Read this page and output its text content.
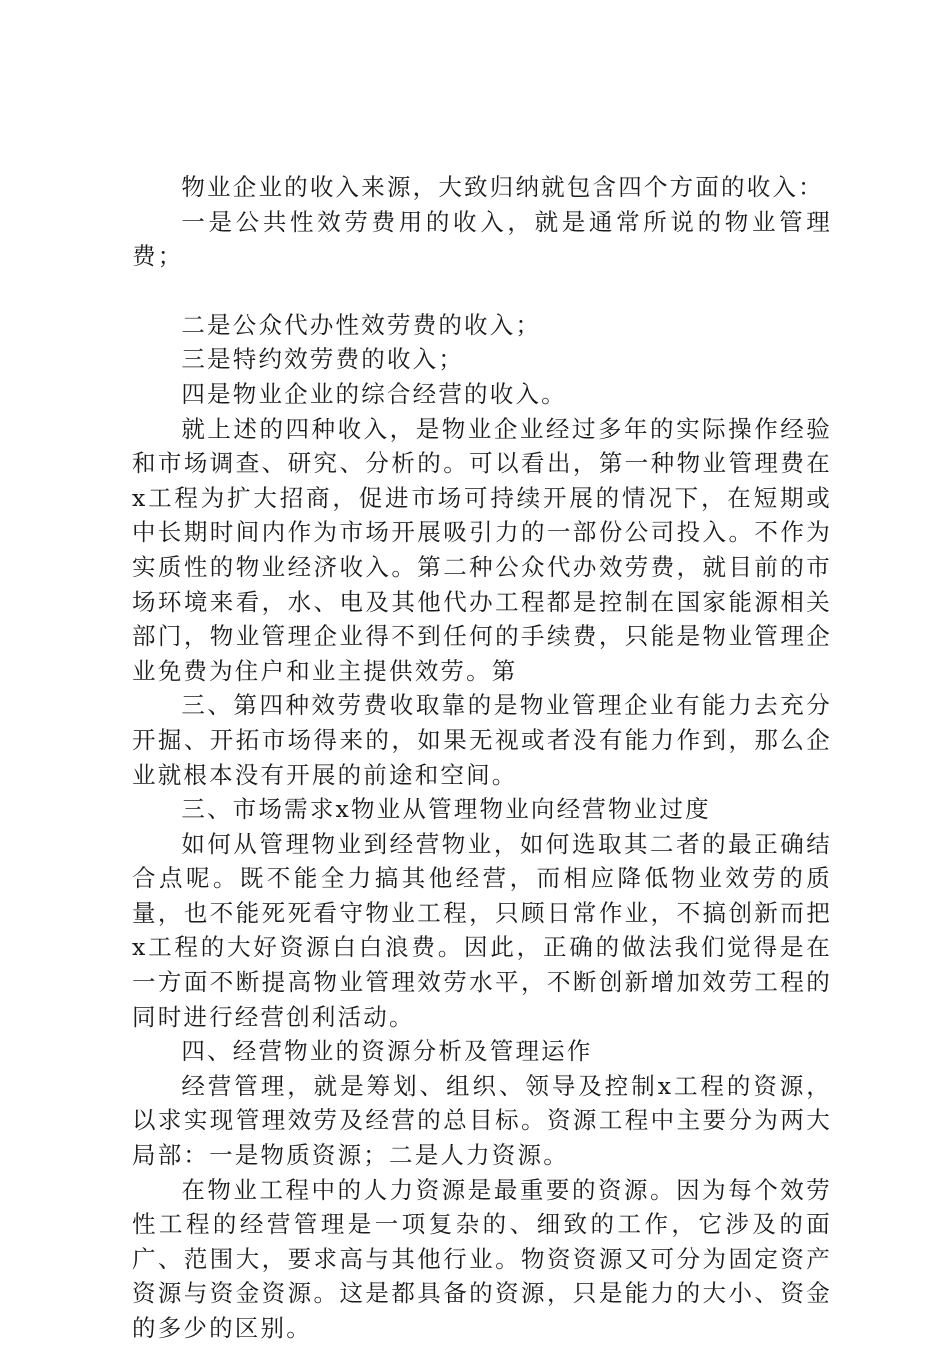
物业企业的收入来源，大致归纳就包含四个方面的收入：

一是公共性效劳费用的收入，就是通常所说的物业管理费；

二是公众代办性效劳费的收入；

三是特约效劳费的收入；

四是物业企业的综合经营的收入。

就上述的四种收入，是物业企业经过多年的实际操作经验和市场调查、研究、分析的。可以看出，第一种物业管理费在x工程为扩大招商，促进市场可持续开展的情况下，在短期或中长期时间内作为市场开展吸引力的一部份公司投入。不作为实质性的物业经济收入。第二种公众代办效劳费，就目前的市场环境来看，水、电及其他代办工程都是控制在国家能源相关部门，物业管理企业得不到任何的手续费，只能是物业管理企业免费为住户和业主提供效劳。第

三、第四种效劳费收取靠的是物业管理企业有能力去充分开掘、开拓市场得来的，如果无视或者没有能力作到，那么企业就根本没有开展的前途和空间。

三、市场需求x物业从管理物业向经营物业过度

如何从管理物业到经营物业，如何选取其二者的最正确结合点呢。既不能全力搞其他经营，而相应降低物业效劳的质量，也不能死死看守物业工程，只顾日常作业，不搞创新而把x工程的大好资源白白浪费。因此，正确的做法我们觉得是在一方面不断提高物业管理效劳水平，不断创新增加效劳工程的同时进行经营创利活动。

四、经营物业的资源分析及管理运作

经营管理，就是筹划、组织、领导及控制x工程的资源，以求实现管理效劳及经营的总目标。资源工程中主要分为两大局部：一是物质资源；二是人力资源。

在物业工程中的人力资源是最重要的资源。因为每个效劳性工程的经营管理是一项复杂的、细致的工作，它涉及的面广、范围大，要求高与其他行业。物资资源又可分为固定资产资源与资金资源。这是都具备的资源，只是能力的大小、资金的多少的区别。
